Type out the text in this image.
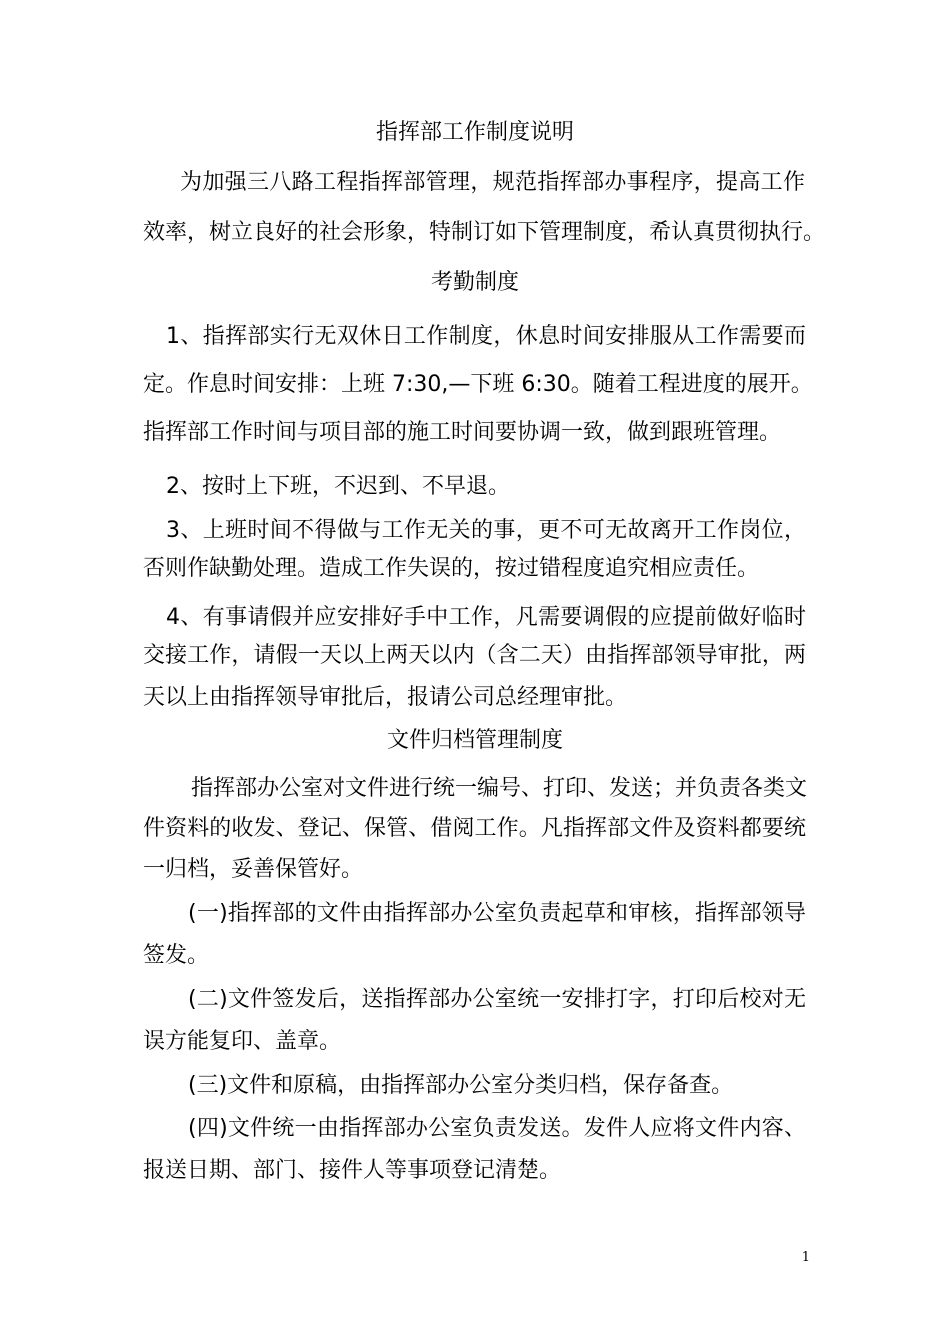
指挥部工作制度说明
为加强三八路工程指挥部管理，规范指挥部办事程序，提高工作
效率，树立良好的社会形象，特制订如下管理制度，希认真贯彻执行。
考勤制度
1、指挥部实行无双休日工作制度，休息时间安排服从工作需要而
定。作息时间安排：上班 7:30,—下班 6:30。随着工程进度的展开。
指挥部工作时间与项目部的施工时间要协调一致，做到跟班管理。
2、按时上下班，不迟到、不早退。
3、上班时间不得做与工作无关的事，更不可无故离开工作岗位，
否则作缺勤处理。造成工作失误的，按过错程度追究相应责任。
4、有事请假并应安排好手中工作，凡需要调假的应提前做好临时
交接工作，请假一天以上两天以内（含二天）由指挥部领导审批，两
天以上由指挥领导审批后，报请公司总经理审批。
文件归档管理制度
指挥部办公室对文件进行统一编号、打印、发送；并负责各类文
件资料的收发、登记、保管、借阅工作。凡指挥部文件及资料都要统
一归档，妥善保管好。
(一)指挥部的文件由指挥部办公室负责起草和审核，指挥部领导
签发。
(二)文件签发后，送指挥部办公室统一安排打字，打印后校对无
误方能复印、盖章。
(三)文件和原稿，由指挥部办公室分类归档，保存备查。
(四)文件统一由指挥部办公室负责发送。发件人应将文件内容、
报送日期、部门、接件人等事项登记清楚。
1
